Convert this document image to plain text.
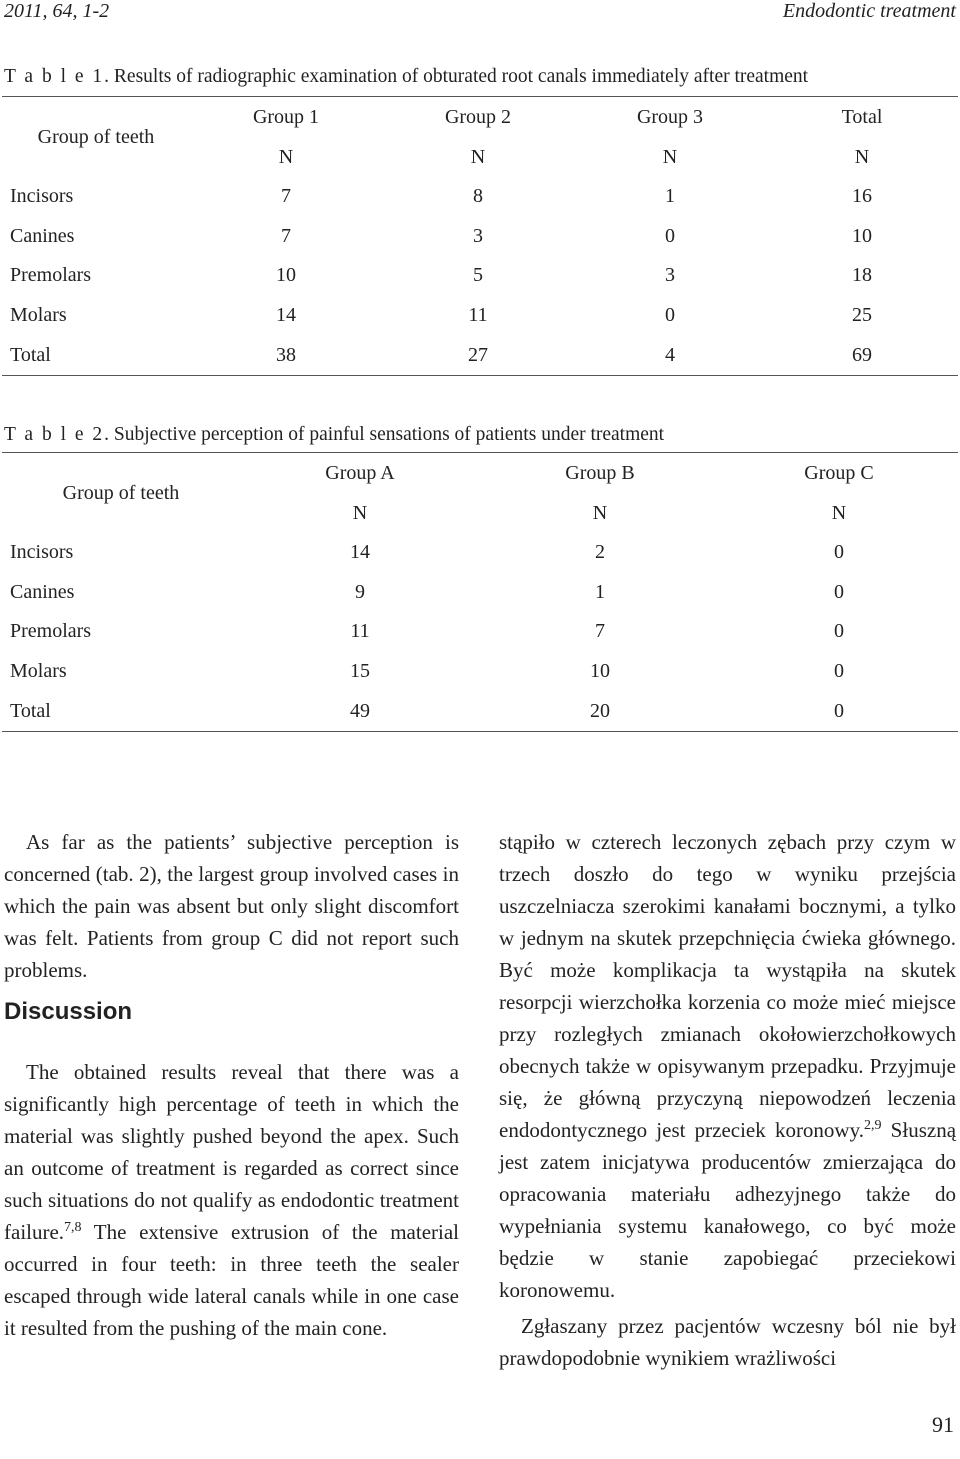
2011, 64, 1-2	Endodontic treatment
T a b l e 1. Results of radiographic examination of obturated root canals immediately after treatment
Group of teeth	Group 1	Group 2	Group 3	Total
	N	N	N	N
Incisors	7	8	1	16
Canines	7	3	0	10
Premolars	10	5	3	18
Molars	14	11	0	25
Total	38	27	4	69
T a b l e 2. Subjective perception of painful sensations of patients under treatment
Group of teeth	Group A	Group B	Group C
	N	N	N
Incisors	14	2	0
Canines	9	1	0
Premolars	11	7	0
Molars	15	10	0
Total	49	20	0

As far as the patients’ subjective perception is concerned (tab. 2), the largest group involved cases in which the pain was absent but only slight discomfort was felt. Patients from group C did not report such problems.

Discussion

The obtained results reveal that there was a significantly high percentage of teeth in which the material was slightly pushed beyond the apex. Such an outcome of treatment is regarded as correct since such situations do not qualify as endodontic treatment failure.$^{7,8}$ The extensive extrusion of the material occurred in four teeth: in three teeth the sealer escaped through wide lateral canals while in one case it resulted from the pushing of the main cone.

stąpiło w czterech leczonych zębach przy czym w trzech doszło do tego w wyniku przejścia uszczelniacza szerokimi kanałami bocznymi, a tylko w jednym na skutek przepchnięcia ćwieka głównego. Być może komplikacja ta wystąpiła na skutek resorpcji wierzchołka korzenia co może mieć miejsce przy rozległych zmianach okołowierzchołkowych obecnych także w opisywanym przepadku. Przyjmuje się, że główną przyczyną niepowodzeń leczenia endodontycznego jest przeciek koronowy.$^{2,9}$ Słuszną jest zatem inicjatywa producentów zmierzająca do opracowania materiału adhezyjnego także do wypełniania systemu kanałowego, co być może będzie w stanie zapobiegać przeciekowi koronowemu.

Zgłaszany przez pacjentów wczesny ból nie był prawdopodobnie wynikiem wrażliwości

91
